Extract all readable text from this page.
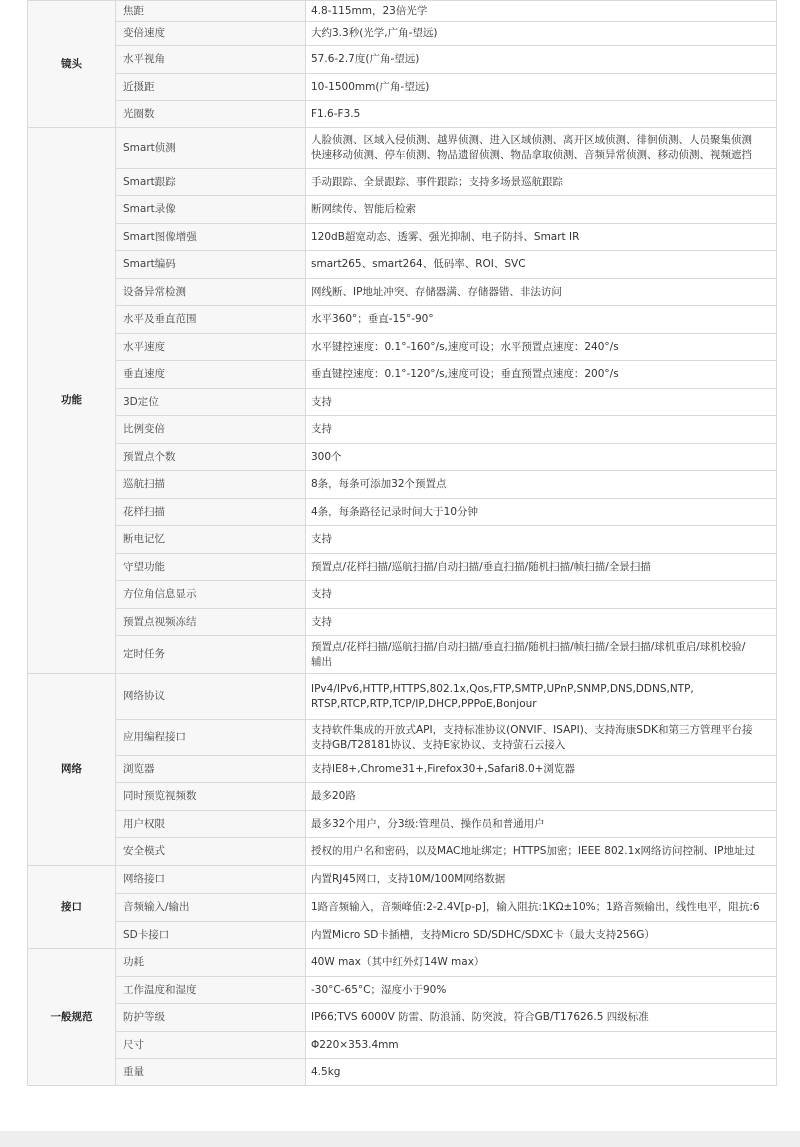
镜头	焦距	4.8-115mm，23倍光学

	变倍速度	大约3.3秒(光学,广角-望远)

	水平视角	57.6-2.7度(广角-望远)

	近摄距	10-1500mm(广角-望远)

	光圈数	F1.6-F3.5

功能	Smart侦测	人脸侦测、区域入侵侦测、越界侦测、进入区域侦测、离开区域侦测、徘徊侦测、人员聚集侦测
快速移动侦测、停车侦测、物品遗留侦测、物品拿取侦测、音频异常侦测、移动侦测、视频遮挡

	Smart跟踪	手动跟踪、全景跟踪、事件跟踪；支持多场景巡航跟踪

	Smart录像	断网续传、智能后检索

	Smart图像增强	120dB超宽动态、透雾、强光抑制、电子防抖、Smart IR

	Smart编码	smart265、smart264、低码率、ROI、SVC

	设备异常检测	网线断、IP地址冲突、存储器满、存储器错、非法访问

	水平及垂直范围	水平360°；垂直-15°-90°

	水平速度	水平键控速度：0.1°-160°/s,速度可设；水平预置点速度：240°/s

	垂直速度	垂直键控速度：0.1°-120°/s,速度可设；垂直预置点速度：200°/s

	3D定位	支持

	比例变倍	支持

	预置点个数	300个

	巡航扫描	8条，每条可添加32个预置点

	花样扫描	4条，每条路径记录时间大于10分钟

	断电记忆	支持

	守望功能	预置点/花样扫描/巡航扫描/自动扫描/垂直扫描/随机扫描/帧扫描/全景扫描

	方位角信息显示	支持

	预置点视频冻结	支持

	定时任务	预置点/花样扫描/巡航扫描/自动扫描/垂直扫描/随机扫描/帧扫描/全景扫描/球机重启/球机校验/
辅出

网络	网络协议	IPv4/IPv6,HTTP,HTTPS,802.1x,Qos,FTP,SMTP,UPnP,SNMP,DNS,DDNS,NTP,
RTSP,RTCP,RTP,TCP/IP,DHCP,PPPoE,Bonjour

	应用编程接口	支持软件集成的开放式API，支持标准协议(ONVIF、ISAPI)、支持海康SDK和第三方管理平台接
支持GB/T28181协议、支持E家协议、支持萤石云接入

	浏览器	支持IE8+,Chrome31+,Firefox30+,Safari8.0+浏览器

	同时预览视频数	最多20路

	用户权限	最多32个用户，分3级:管理员、操作员和普通用户

	安全模式	授权的用户名和密码，以及MAC地址绑定；HTTPS加密；IEEE 802.1x网络访问控制、IP地址过

接口	网络接口	内置RJ45网口，支持10M/100M网络数据

	音频输入/输出	1路音频输入，音频峰值:2-2.4V[p-p]，输入阻抗:1KΩ±10%；1路音频输出，线性电平，阻抗:6

	SD卡接口	内置Micro SD卡插槽，支持Micro SD/SDHC/SDXC卡（最大支持256G）

一般规范	功耗	40W max（其中红外灯14W max）

	工作温度和湿度	-30°C-65°C；湿度小于90%

	防护等级	IP66;TVS 6000V 防雷、防浪涌、防突波，符合GB/T17626.5 四级标准

	尺寸	Φ220×353.4mm

	重量	4.5kg
